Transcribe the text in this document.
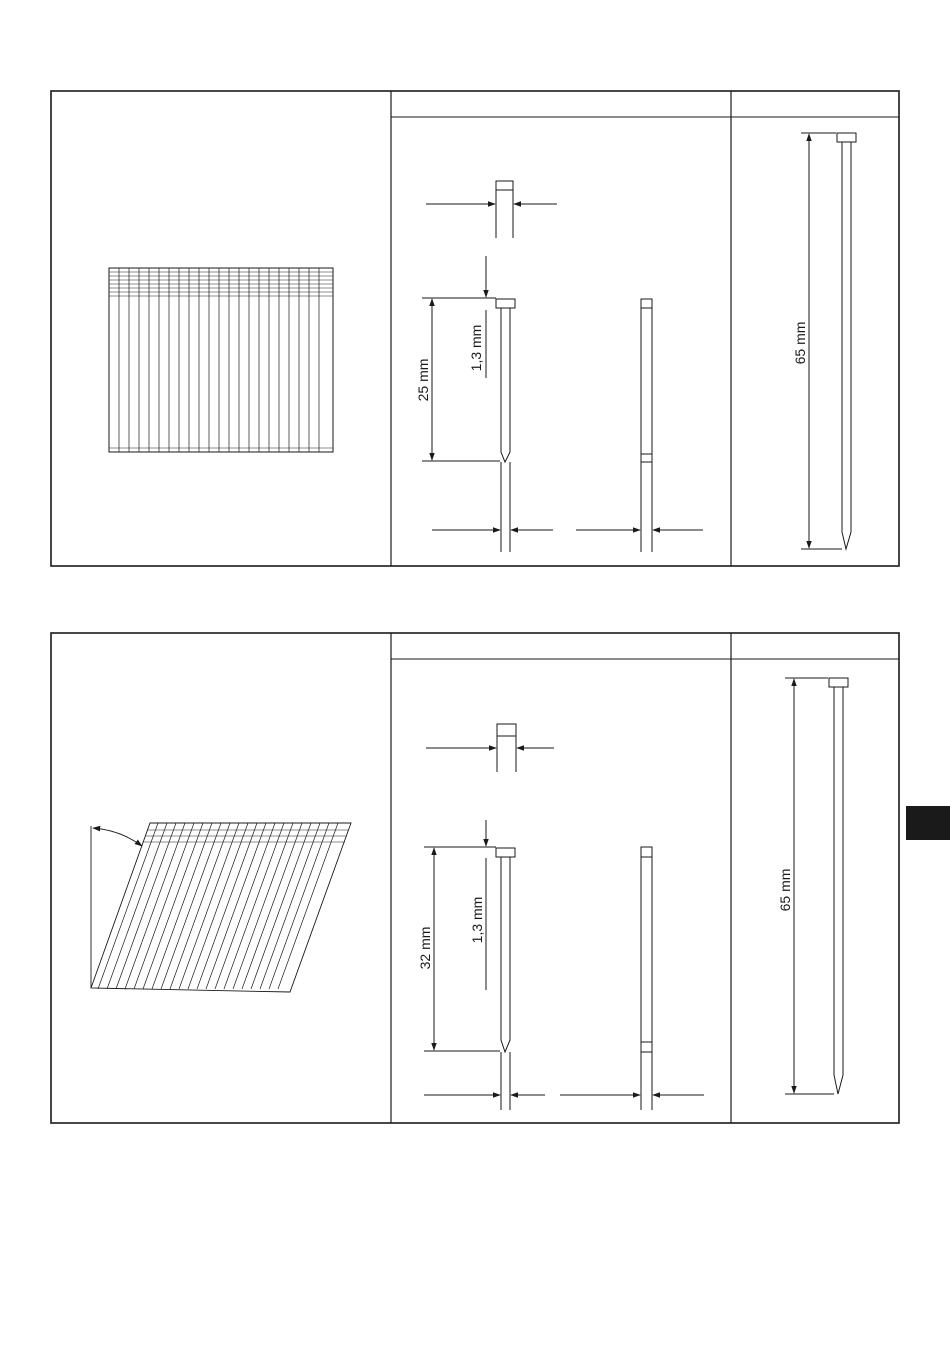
25 mm
1,3 mm	65 mm
32 mm
1,3 mm
65 mm
